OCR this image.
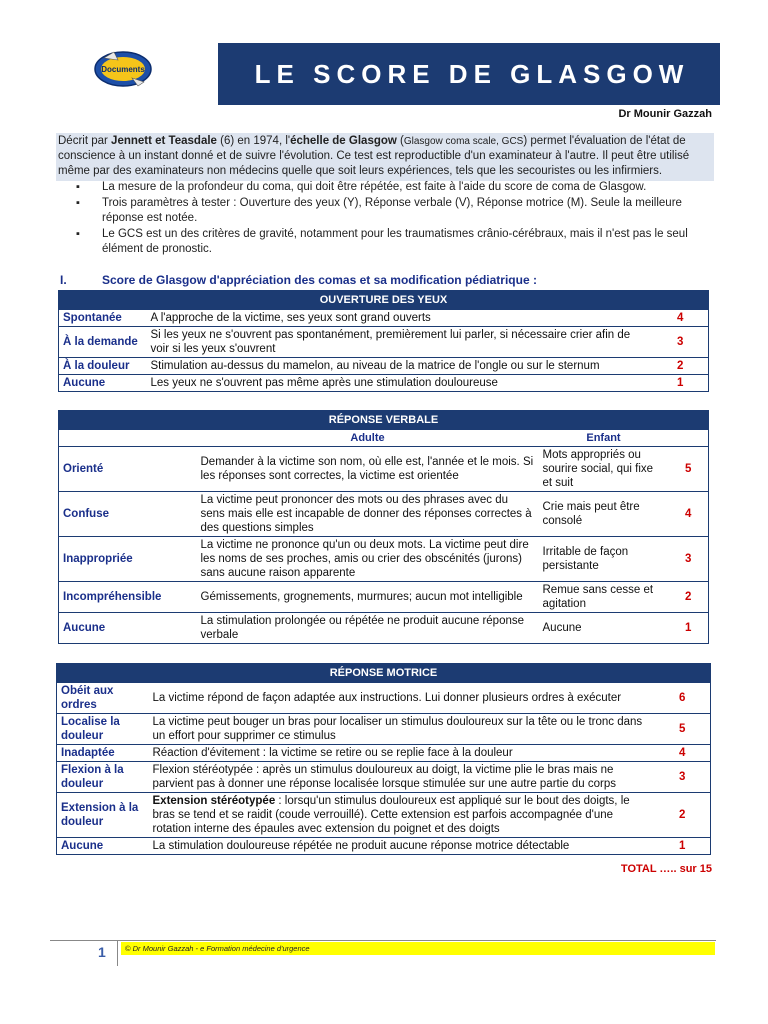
Documents	LE SCORE DE GLASGOW
Dr Mounir Gazzah
Décrit par Jennett et Teasdale (6) en 1974, l'échelle de Glasgow (Glasgow coma scale, GCS) permet l'évaluation de l'état de conscience à un instant donné et de suivre l'évolution. Ce test est reproductible d'un examinateur à l'autre. Il peut être utilisé même par des examinateurs non médecins quelle que soit leurs expériences, tels que les secouristes ou les infirmiers.
▪ La mesure de la profondeur du coma, qui doit être répétée, est faite à l'aide du score de coma de Glasgow.
▪ Trois paramètres à tester : Ouverture des yeux (Y), Réponse verbale (V), Réponse motrice (M). Seule la meilleure réponse est notée.
▪ Le GCS est un des critères de gravité, notamment pour les traumatismes crânio-cérébraux, mais il n'est pas le seul élément de pronostic.
I.	Score de Glasgow d'appréciation des comas et sa modification pédiatrique :
OUVERTURE DES YEUX		
Spontanée	A l'approche de la victime, ses yeux sont grand ouverts	4
À la demande	Si les yeux ne s'ouvrent pas spontanément, premièrement lui parler, si nécessaire crier afin de voir si les yeux s'ouvrent	3
À la douleur	Stimulation au-dessus du mamelon, au niveau de la matrice de l'ongle ou sur le sternum	2
Aucune	Les yeux ne s'ouvrent pas même après une stimulation douloureuse	1
RÉPONSE VERBALE			
	Adulte	Enfant	
Orienté	Demander à la victime son nom, où elle est, l'année et le mois. Si les réponses sont correctes, la victime est orientée	Mots appropriés ou sourire social, qui fixe et suit	5
Confuse	La victime peut prononcer des mots ou des phrases avec du sens mais elle est incapable de donner des réponses correctes à des questions simples	Crie mais peut être consolé	4
Inappropriée	La victime ne prononce qu'un ou deux mots. La victime peut dire les noms de ses proches, amis ou crier des obscénités (jurons) sans aucune raison apparente	Irritable de façon persistante	3
Incompréhensible	Gémissements, grognements, murmures; aucun mot intelligible	Remue sans cesse et agitation	2
Aucune	La stimulation prolongée ou répétée ne produit aucune réponse verbale	Aucune	1
RÉPONSE MOTRICE		
Obéit aux ordres	La victime répond de façon adaptée aux instructions. Lui donner plusieurs ordres à exécuter	6
Localise la douleur	La victime peut bouger un bras pour localiser un stimulus douloureux sur la tête ou le tronc dans un effort pour supprimer ce stimulus	5
Inadaptée	Réaction d'évitement : la victime se retire ou se replie face à la douleur	4
Flexion à la douleur	Flexion stéréotypée : après un stimulus douloureux au doigt, la victime plie le bras mais ne parvient pas à donner une réponse localisée lorsque stimulée sur une autre partie du corps	3
Extension à la douleur	Extension stéréotypée : lorsqu'un stimulus douloureux est appliqué sur le bout des doigts, le bras se tend et se raidit (coude verrouillé). Cette extension est parfois accompagnée d'une rotation interne des épaules avec extension du poignet et des doigts	2
Aucune	La stimulation douloureuse répétée ne produit aucune réponse motrice détectable	1
TOTAL ….. sur 15
1	© Dr Mounir Gazzah - e Formation médecine d'urgence
